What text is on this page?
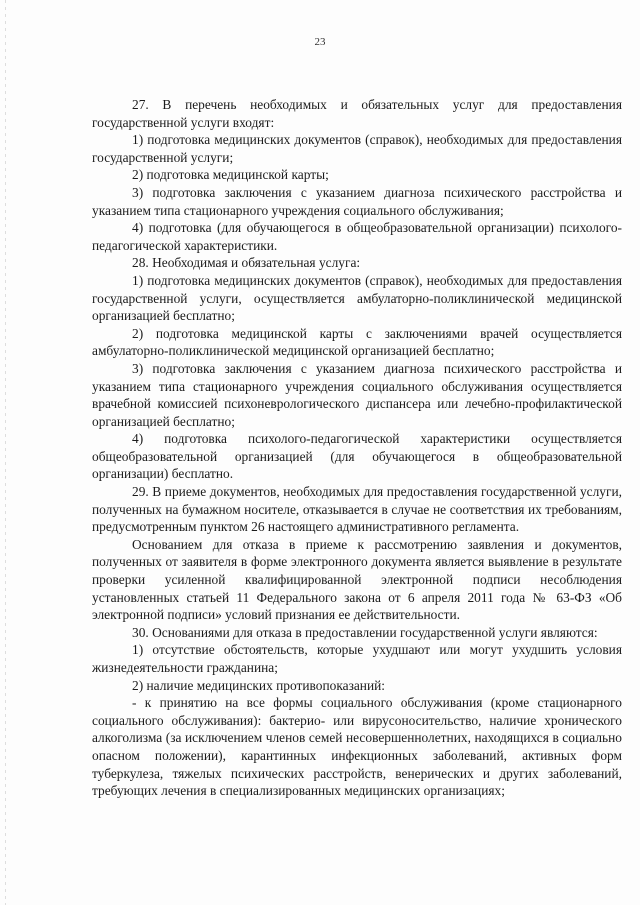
23

27. В перечень необходимых и обязательных услуг для предоставления государственной услуги входят:

1) подготовка медицинских документов (справок), необходимых для предоставления государственной услуги;

2) подготовка медицинской карты;

3) подготовка заключения с указанием диагноза психического расстройства и указанием типа стационарного учреждения социального обслуживания;

4) подготовка (для обучающегося в общеобразовательной организации) психолого-педагогической характеристики.

28. Необходимая и обязательная услуга:

1) подготовка медицинских документов (справок), необходимых для предоставления государственной услуги, осуществляется амбулаторно-поликлинической медицинской организацией бесплатно;

2) подготовка медицинской карты с заключениями врачей осуществляется амбулаторно-поликлинической медицинской организацией бесплатно;

3) подготовка заключения с указанием диагноза психического расстройства и указанием типа стационарного учреждения социального обслуживания осуществляется врачебной комиссией психоневрологического диспансера или лечебно-профилактической организацией бесплатно;

4) подготовка психолого-педагогической характеристики осуществляется общеобразовательной организацией (для обучающегося в общеобразовательной организации) бесплатно.

29. В приеме документов, необходимых для предоставления государственной услуги, полученных на бумажном носителе, отказывается в случае не соответствия их требованиям, предусмотренным пунктом 26 настоящего административного регламента.

Основанием для отказа в приеме к рассмотрению заявления и документов, полученных от заявителя в форме электронного документа является выявление в результате проверки усиленной квалифицированной электронной подписи несоблюдения установленных статьей 11 Федерального закона от 6 апреля 2011 года № 63-ФЗ «Об электронной подписи» условий признания ее действительности.

30. Основаниями для отказа в предоставлении государственной услуги являются:

1) отсутствие обстоятельств, которые ухудшают или могут ухудшить условия жизнедеятельности гражданина;

2) наличие медицинских противопоказаний:

- к принятию на все формы социального обслуживания (кроме стационарного социального обслуживания): бактерио- или вирусоносительство, наличие хронического алкоголизма (за исключением членов семей несовершеннолетних, находящихся в социально опасном положении), карантинных инфекционных заболеваний, активных форм туберкулеза, тяжелых психических расстройств, венерических и других заболеваний, требующих лечения в специализированных медицинских организациях;
